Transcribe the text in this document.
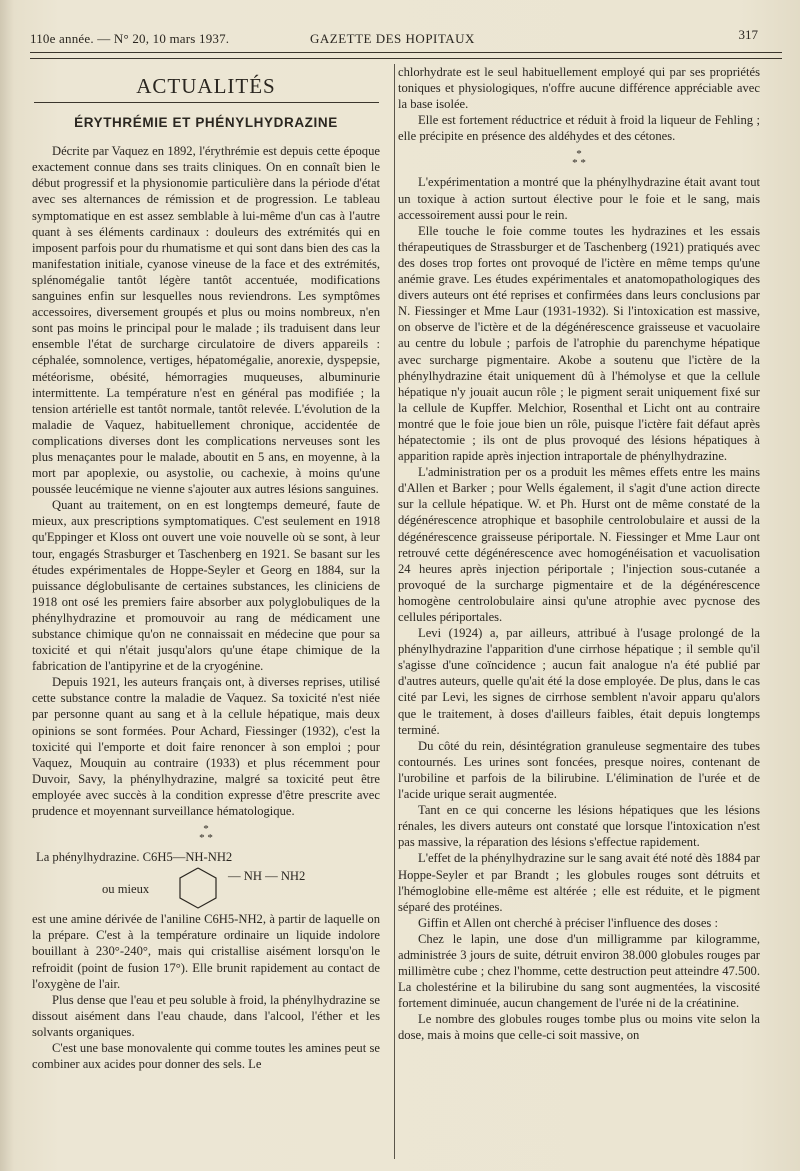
110e année. — N° 20, 10 mars 1937.	GAZETTE DES HOPITAUX	317
ACTUALITÉS
ÉRYTHRÉMIE ET PHÉNYLHYDRAZINE

Décrite par Vaquez en 1892, l'érythrémie est depuis cette époque exactement connue dans ses traits cliniques. On en connaît bien le début progressif et la physionomie particulière dans la période d'état avec ses alternances de rémission et de progression. Le tableau symptomatique en est assez semblable à lui-même d'un cas à l'autre quant à ses éléments cardinaux : douleurs des extrémités qui en imposent parfois pour du rhumatisme et qui sont dans bien des cas la manifestation initiale, cyanose vineuse de la face et des extrémités, splénomégalie tantôt légère tantôt accentuée, modifications sanguines enfin sur lesquelles nous reviendrons. Les symptômes accessoires, diversement groupés et plus ou moins nombreux, n'en sont pas moins le principal pour le malade ; ils traduisent dans leur ensemble l'état de surcharge circulatoire de divers appareils : céphalée, somnolence, vertiges, hépatomégalie, anorexie, dyspepsie, météorisme, obésité, hémorragies muqueuses, albuminurie intermittente. La température n'est en général pas modifiée ; la tension artérielle est tantôt normale, tantôt relevée. L'évolution de la maladie de Vaquez, habituellement chronique, accidentée de complications diverses dont les complications nerveuses sont les plus menaçantes pour le malade, aboutit en 5 ans, en moyenne, à la mort par apoplexie, ou asystolie, ou cachexie, à moins qu'une poussée leucémique ne vienne s'ajouter aux autres lésions sanguines.

Quant au traitement, on en est longtemps demeuré, faute de mieux, aux prescriptions symptomatiques. C'est seulement en 1918 qu'Eppinger et Kloss ont ouvert une voie nouvelle où se sont, à leur tour, engagés Strasburger et Taschenberg en 1921. Se basant sur les études expérimentales de Hoppe-Seyler et Georg en 1884, sur la puissance déglobulisante de certaines substances, les cliniciens de 1918 ont osé les premiers faire absorber aux polyglobuliques de la phénylhydrazine et promouvoir au rang de médicament une substance chimique qu'on ne connaissait en médecine que pour sa toxicité et qui n'était jusqu'alors qu'une étape chimique de la fabrication de l'antipyrine et de la cryogénine.

Depuis 1921, les auteurs français ont, à diverses reprises, utilisé cette substance contre la maladie de Vaquez. Sa toxicité n'est niée par personne quant au sang et à la cellule hépatique, mais deux opinions se sont formées. Pour Achard, Fiessinger (1932), c'est la toxicité qui l'emporte et doit faire renoncer à son emploi ; pour Vaquez, Mouquin au contraire (1933) et plus récemment pour Duvoir, Savy, la phénylhydrazine, malgré sa toxicité peut être employée avec succès à la condition expresse d'être prescrite avec prudence et moyennant surveillance hématologique.

*
* *
La phénylhydrazine. C6H5—NH-NH2
ou mieux
— NH — NH2

est une amine dérivée de l'aniline C6H5-NH2, à partir de laquelle on la prépare. C'est à la température ordinaire un liquide indolore bouillant à 230°-240°, mais qui cristallise aisément lorsqu'on le refroidit (point de fusion 17°). Elle brunit rapidement au contact de l'oxygène de l'air.

Plus dense que l'eau et peu soluble à froid, la phénylhydrazine se dissout aisément dans l'eau chaude, dans l'alcool, l'éther et les solvants organiques.

C'est une base monovalente qui comme toutes les amines peut se combiner aux acides pour donner des sels. Le

chlorhydrate est le seul habituellement employé qui par ses propriétés toniques et physiologiques, n'offre aucune différence appréciable avec la base isolée.

Elle est fortement réductrice et réduit à froid la liqueur de Fehling ; elle précipite en présence des aldéhydes et des cétones.

*
* *

L'expérimentation a montré que la phénylhydrazine était avant tout un toxique à action surtout élective pour le foie et le sang, mais accessoirement aussi pour le rein.

Elle touche le foie comme toutes les hydrazines et les essais thérapeutiques de Strassburger et de Taschenberg (1921) pratiqués avec des doses trop fortes ont provoqué de l'ictère en même temps qu'une anémie grave. Les études expérimentales et anatomopathologiques des divers auteurs ont été reprises et confirmées dans leurs conclusions par N. Fiessinger et Mme Laur (1931-1932). Si l'intoxication est massive, on observe de l'ictère et de la dégénérescence graisseuse et vacuolaire au centre du lobule ; parfois de l'atrophie du parenchyme hépatique avec surcharge pigmentaire. Akobe a soutenu que l'ictère de la phénylhydrazine était uniquement dû à l'hémolyse et que la cellule hépatique n'y jouait aucun rôle ; le pigment serait uniquement fixé sur la cellule de Kupffer. Melchior, Rosenthal et Licht ont au contraire montré que le foie joue bien un rôle, puisque l'ictère fait défaut après hépatectomie ; ils ont de plus provoqué des lésions hépatiques à apparition rapide après injection intraportale de phénylhydrazine.

L'administration per os a produit les mêmes effets entre les mains d'Allen et Barker ; pour Wells également, il s'agit d'une action directe sur la cellule hépatique. W. et Ph. Hurst ont de même constaté de la dégénérescence atrophique et basophile centrolobulaire et aussi de la dégénérescence graisseuse périportale. N. Fiessinger et Mme Laur ont retrouvé cette dégénérescence avec homogénéisation et vacuolisation 24 heures après injection périportale ; l'injection sous-cutanée a provoqué de la surcharge pigmentaire et de la dégénérescence homogène centrolobulaire ainsi qu'une atrophie avec pycnose des cellules périportales.

Levi (1924) a, par ailleurs, attribué à l'usage prolongé de la phénylhydrazine l'apparition d'une cirrhose hépatique ; il semble qu'il s'agisse d'une coïncidence ; aucun fait analogue n'a été publié par d'autres auteurs, quelle qu'ait été la dose employée. De plus, dans le cas cité par Levi, les signes de cirrhose semblent n'avoir apparu qu'alors que le traitement, à doses d'ailleurs faibles, était depuis longtemps terminé.

Du côté du rein, désintégration granuleuse segmentaire des tubes contournés. Les urines sont foncées, presque noires, contenant de l'urobiline et parfois de la bilirubine. L'élimination de l'urée et de l'acide urique serait augmentée.

Tant en ce qui concerne les lésions hépatiques que les lésions rénales, les divers auteurs ont constaté que lorsque l'intoxication n'est pas massive, la réparation des lésions s'effectue rapidement.

L'effet de la phénylhydrazine sur le sang avait été noté dès 1884 par Hoppe-Seyler et par Brandt ; les globules rouges sont détruits et l'hémoglobine elle-même est altérée ; elle est réduite, et le pigment séparé des protéines.

Giffin et Allen ont cherché à préciser l'influence des doses :

Chez le lapin, une dose d'un milligramme par kilogramme, administrée 3 jours de suite, détruit environ 38.000 globules rouges par millimètre cube ; chez l'homme, cette destruction peut atteindre 47.500. La cholestérine et la bilirubine du sang sont augmentées, la viscosité fortement diminuée, aucun changement de l'urée ni de la créatinine.

Le nombre des globules rouges tombe plus ou moins vite selon la dose, mais à moins que celle-ci soit massive, on
